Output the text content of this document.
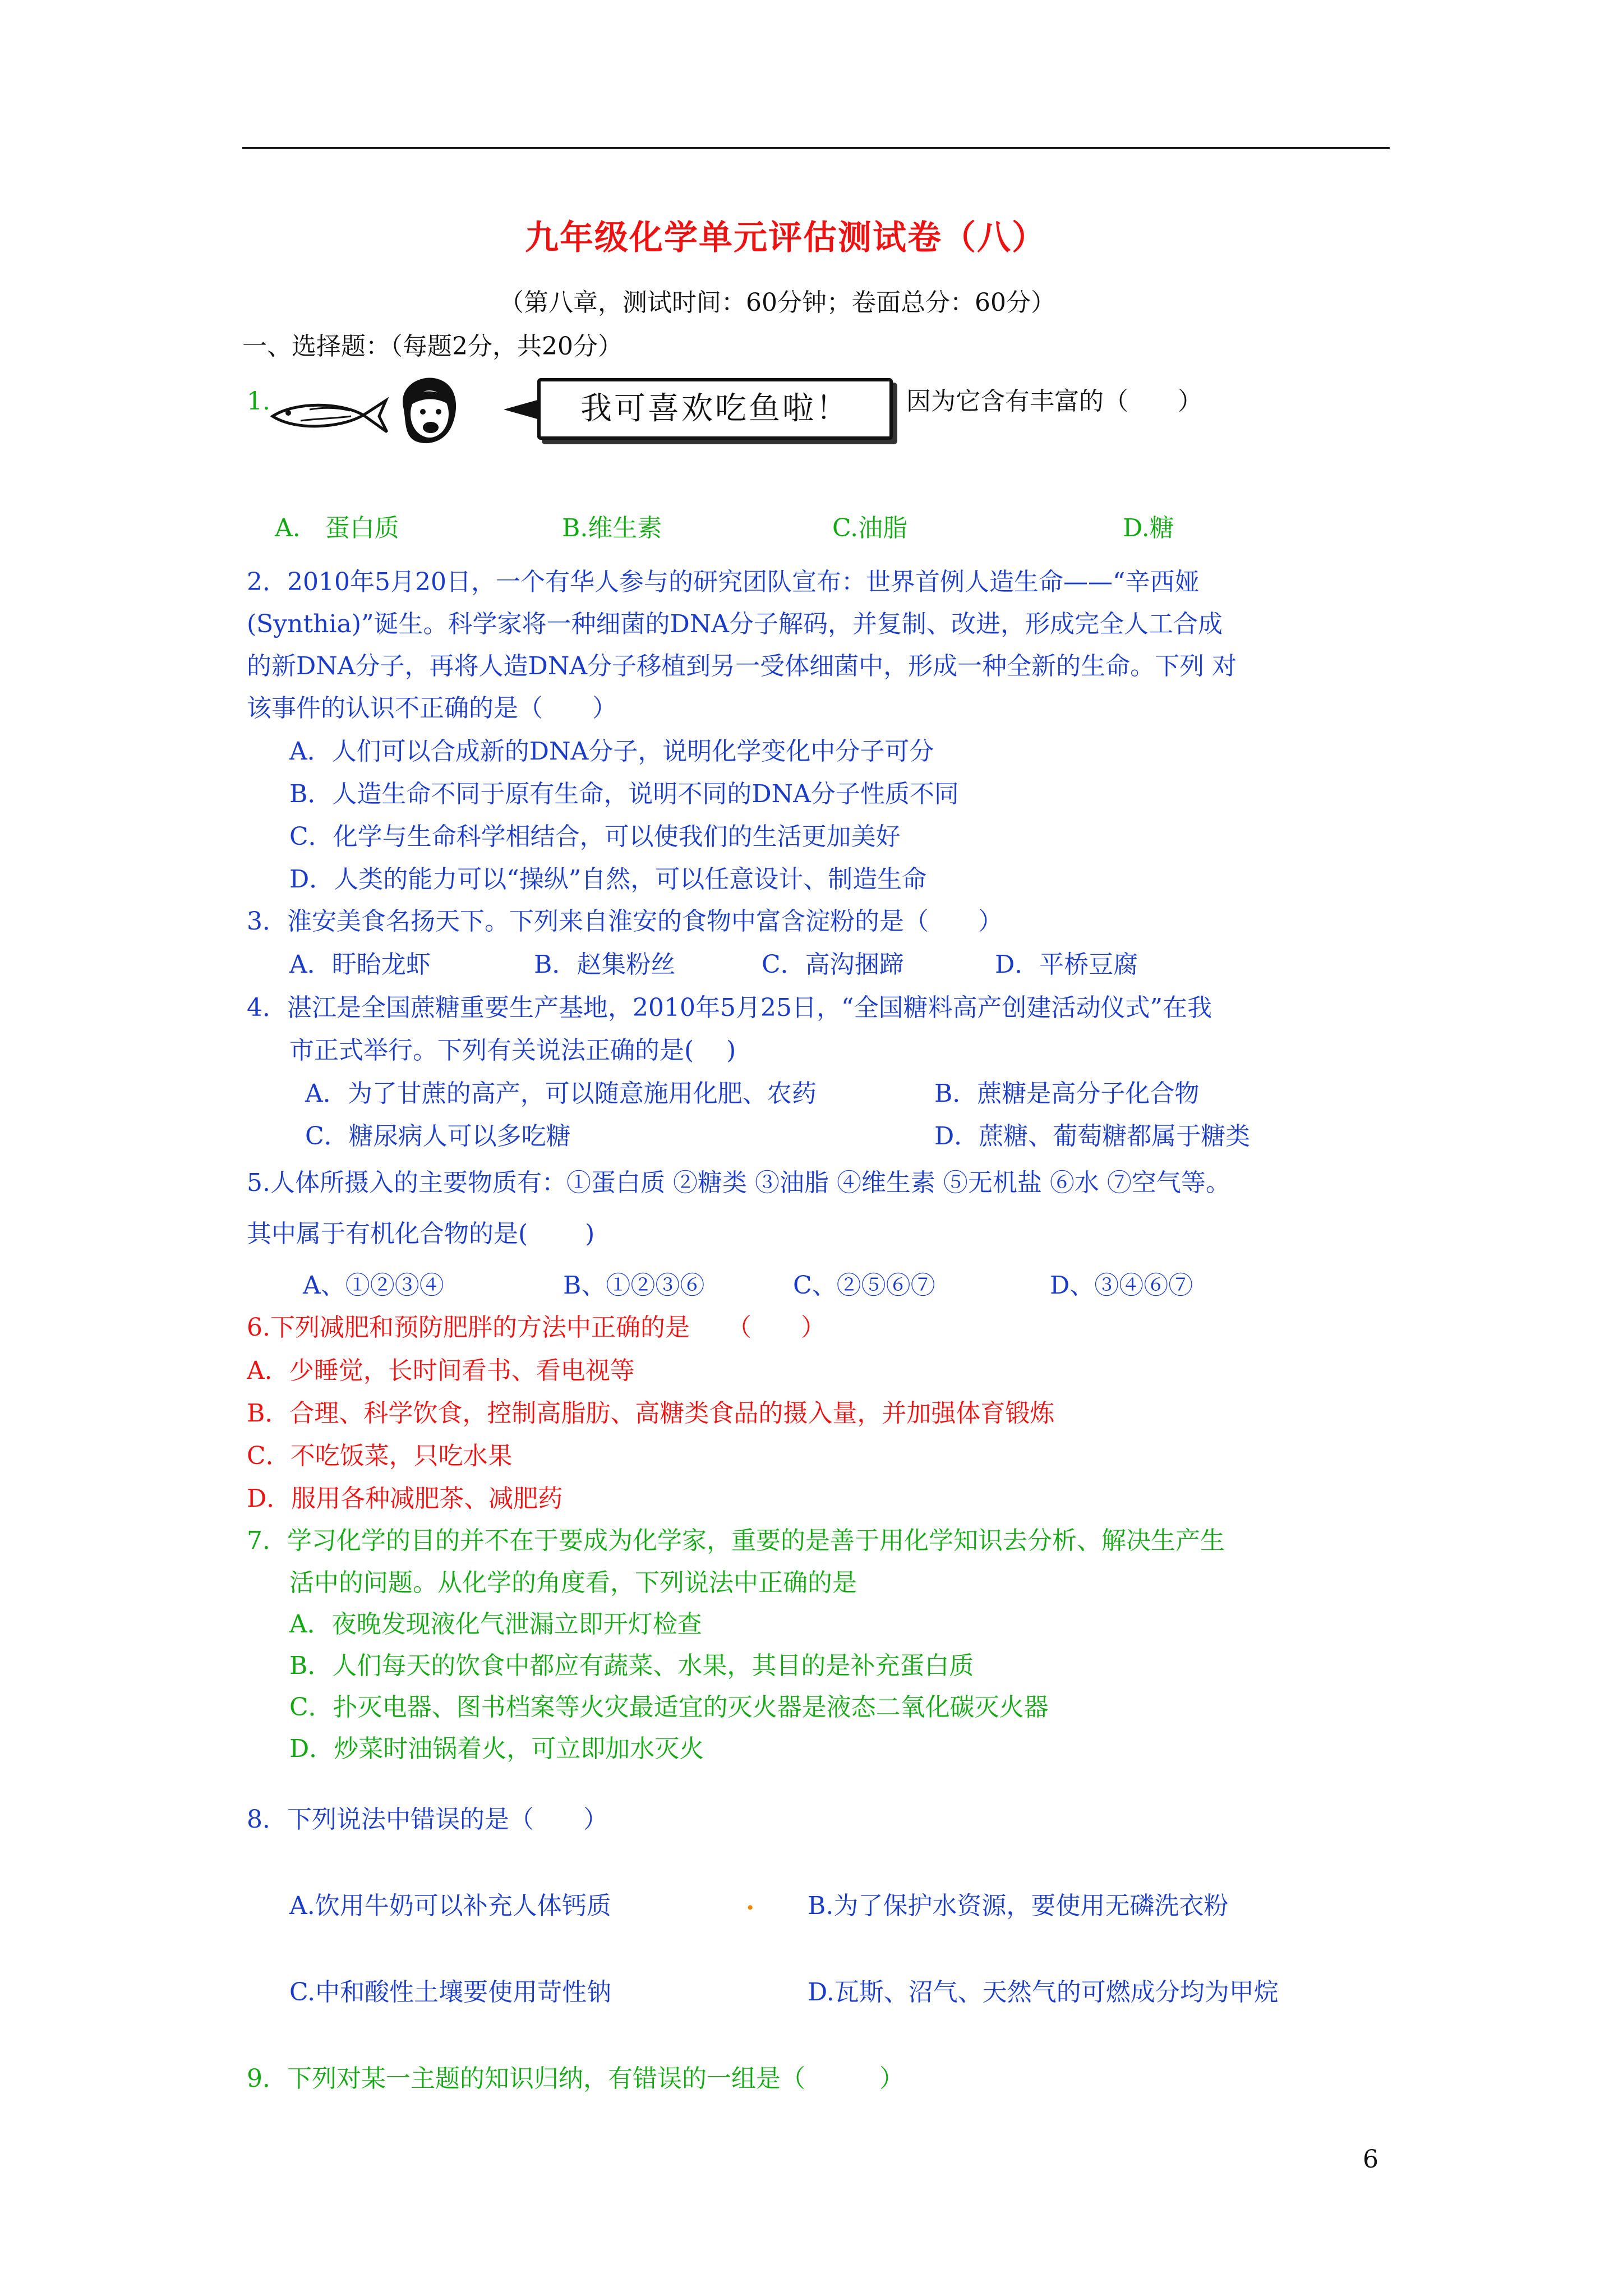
九年级化学单元评估测试卷（八）
（第八章，测试时间：60分钟；卷面总分：60分）
一、选择题：（每题2分，共20分）
1.	我可喜欢吃鱼啦！	因为它含有丰富的（　　）
A.　蛋白质	B.维生素	C.油脂	D.糖
2．2010年5月20日，一个有华人参与的研究团队宣布：世界首例人造生命——“辛西娅
(Synthia)”诞生。科学家将一种细菌的DNA分子解码，并复制、改进，形成完全人工合成
的新DNA分子，再将人造DNA分子移植到另一受体细菌中，形成一种全新的生命。下列 对
该事件的认识不正确的是（　　）
A．人们可以合成新的DNA分子，说明化学变化中分子可分
B．人造生命不同于原有生命，说明不同的DNA分子性质不同
C．化学与生命科学相结合，可以使我们的生活更加美好
D．人类的能力可以“操纵”自然，可以任意设计、制造生命
3．淮安美食名扬天下。下列来自淮安的食物中富含淀粉的是（　　）
A．盱眙龙虾	B．赵集粉丝	C．高沟捆蹄	D．平桥豆腐
4．湛江是全国蔗糖重要生产基地，2010年5月25日，“全国糖料高产创建活动仪式”在我
市正式举行。下列有关说法正确的是(　 )
A．为了甘蔗的高产，可以随意施用化肥、农药	B．蔗糖是高分子化合物
C．糖尿病人可以多吃糖	D．蔗糖、葡萄糖都属于糖类
5.人体所摄入的主要物质有：①蛋白质 ②糖类 ③油脂 ④维生素 ⑤无机盐 ⑥水 ⑦空气等。
其中属于有机化合物的是(　　 )
A、①②③④	B、①②③⑥	C、②⑤⑥⑦	D、③④⑥⑦
6.下列减肥和预防肥胖的方法中正确的是　　（　　）
A．少睡觉，长时间看书、看电视等
B．合理、科学饮食，控制高脂肪、高糖类食品的摄入量，并加强体育锻炼
C．不吃饭菜，只吃水果
D．服用各种减肥茶、减肥药
7．学习化学的目的并不在于要成为化学家，重要的是善于用化学知识去分析、解决生产生
活中的问题。从化学的角度看，下列说法中正确的是
A．夜晚发现液化气泄漏立即开灯检查
B．人们每天的饮食中都应有蔬菜、水果，其目的是补充蛋白质
C．扑灭电器、图书档案等火灾最适宜的灭火器是液态二氧化碳灭火器
D．炒菜时油锅着火，可立即加水灭火
8．下列说法中错误的是（　　）
A.饮用牛奶可以补充人体钙质	. B.为了保护水资源，要使用无磷洗衣粉
C.中和酸性土壤要使用苛性钠	D.瓦斯、沼气、天然气的可燃成分均为甲烷
9．下列对某一主题的知识归纳，有错误的一组是（　　　）
6
